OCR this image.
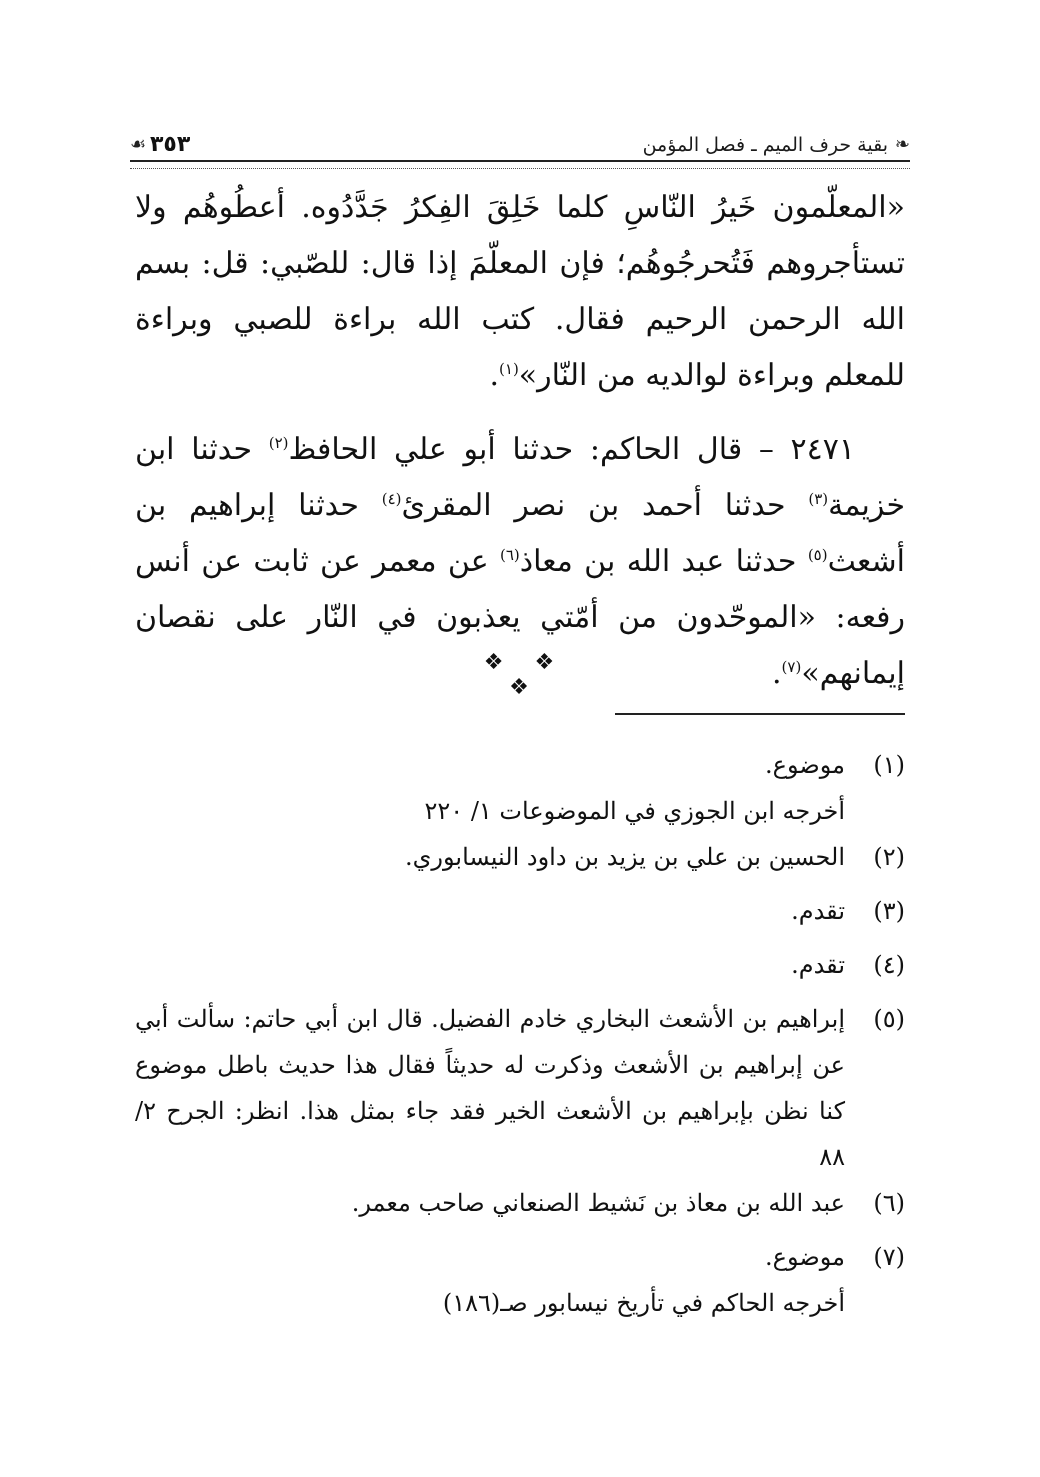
❧
بقية حرف الميم ـ فصل المؤمن
٣٥٣
☙

«المعلّمون خَيرُ النّاسِ كلما خَلِقَ الفِكرُ جَدَّدُوه. أعطُوهُم ولا تستأجروهم فَتُحرجُوهُم؛ فإن المعلّمَ إذا قال: للصّبي: قل: بسم الله الرحمن الرحيم فقال. كتب الله براءة للصبي وبراءة للمعلم وبراءة لوالديه من النّار»$^{(١)}$.

٢٤٧١ – قال الحاكم: حدثنا أبو علي الحافظ$^{(٢)}$ حدثنا ابن خزيمة$^{(٣)}$ حدثنا أحمد بن نصر المقرئ$^{(٤)}$ حدثنا إبراهيم بن أشعث$^{(٥)}$ حدثنا عبد الله بن معاذ$^{(٦)}$ عن معمر عن ثابت عن أنس رفعه: «الموحّدون من أمّتي يعذبون في النّار على نقصان إيمانهم»$^{(٧)}$.

❖ ❖ ❖
(١)
موضوع.
أخرجه ابن الجوزي في الموضوعات ١/ ٢٢٠
(٢)
الحسين بن علي بن يزيد بن داود النيسابوري.
(٣)
تقدم.
(٤)
تقدم.
(٥)
إبراهيم بن الأشعث البخاري خادم الفضيل. قال ابن أبي حاتم: سألت أبي عن إبراهيم بن الأشعث وذكرت له حديثاً فقال هذا حديث باطل موضوع كنا نظن بإبراهيم بن الأشعث الخير فقد جاء بمثل هذا. انظر: الجرح ٢/ ٨٨
(٦)
عبد الله بن معاذ بن نَشيط الصنعاني صاحب معمر.
(٧)
موضوع.
أخرجه الحاكم في تأريخ نيسابور صـ(١٨٦)
